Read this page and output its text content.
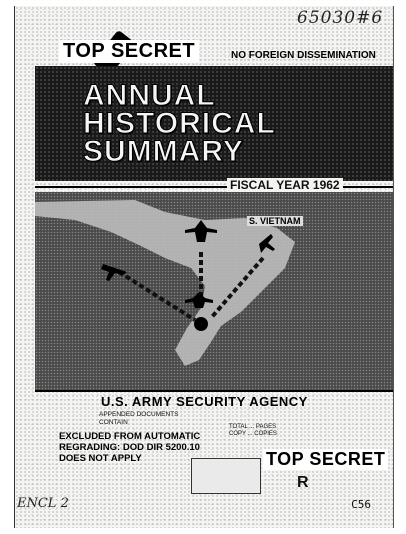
65030#6
TOP SECRET	NO FOREIGN DISSEMINATION
ANNUAL
HISTORICAL
SUMMARY
FISCAL YEAR 1962
S. VIETNAM
U.S. ARMY SECURITY AGENCY
APPENDED DOCUMENTS
CONTAIN
TOTAL ... PAGES
COPY ... COPIES
EXCLUDED FROM AUTOMATIC
REGRADING: DOD DIR 5200.10
DOES NOT APPLY	TOP SECRET
R
ENCL 2	C56
